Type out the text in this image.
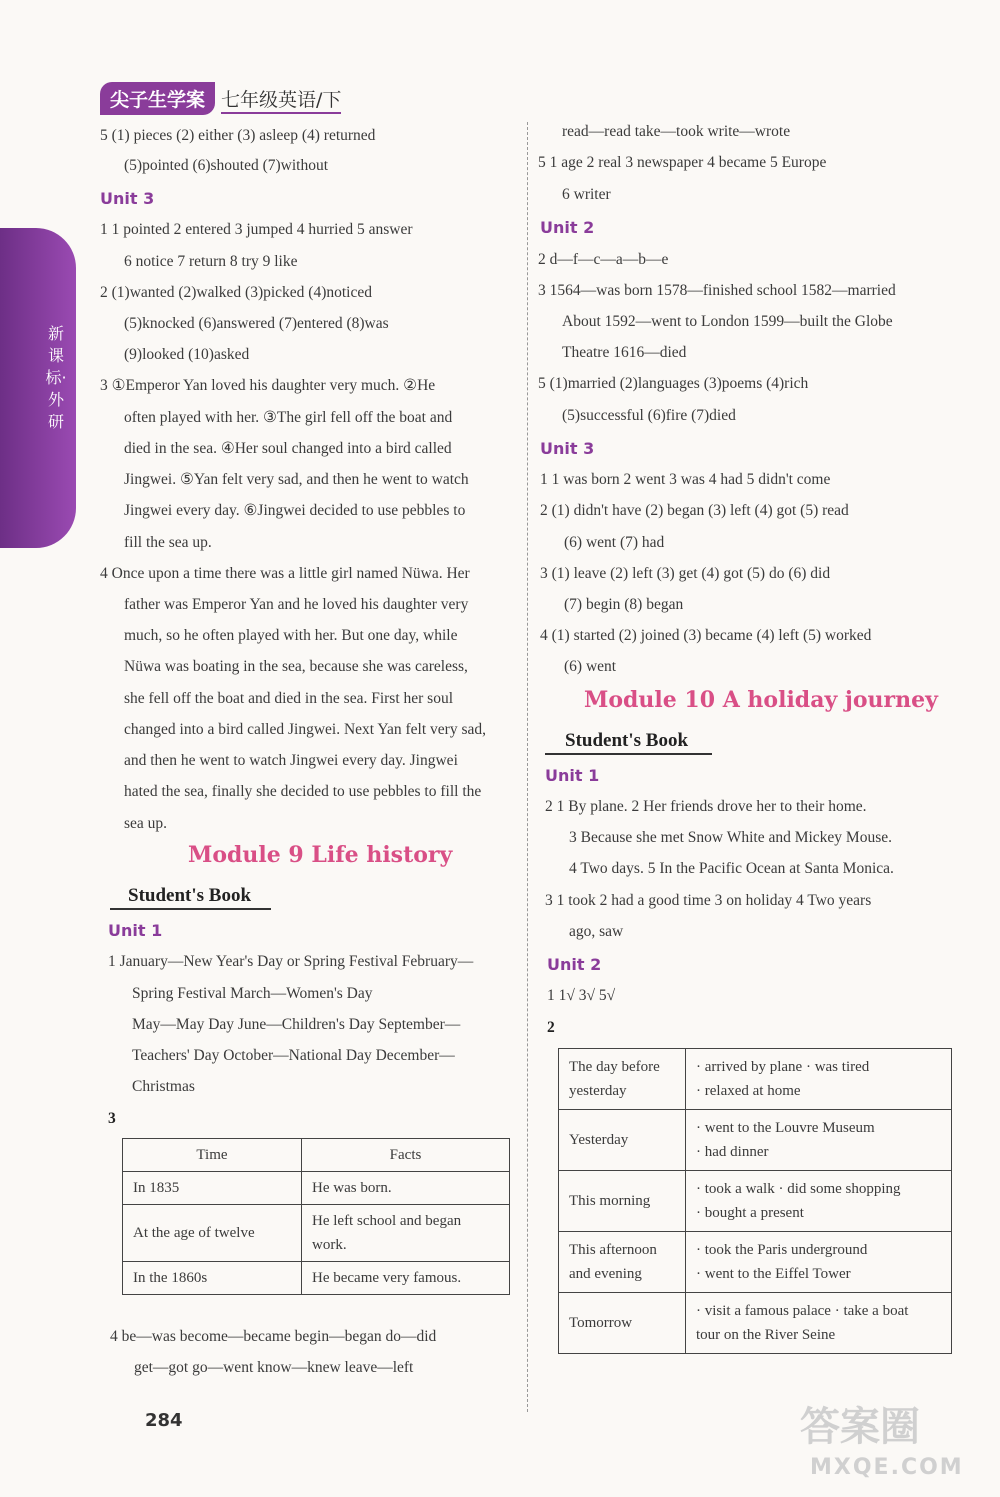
尖子生学案 七年级英语/下
新课标·外研
5 (1) pieces (2) either (3) asleep (4) returned
(5)pointed (6)shouted (7)without
Unit 3
1 1 pointed 2 entered 3 jumped 4 hurried 5 answer
6 notice 7 return 8 try 9 like
2 (1)wanted (2)walked (3)picked (4)noticed
(5)knocked (6)answered (7)entered (8)was
(9)looked (10)asked
3 ①Emperor Yan loved his daughter very much. ②He
often played with her. ③The girl fell off the boat and
died in the sea. ④Her soul changed into a bird called
Jingwei. ⑤Yan felt very sad, and then he went to watch
Jingwei every day. ⑥Jingwei decided to use pebbles to
fill the sea up.
4 Once upon a time there was a little girl named Nüwa. Her
father was Emperor Yan and he loved his daughter very
much, so he often played with her. But one day, while
Nüwa was boating in the sea, because she was careless,
she fell off the boat and died in the sea. First her soul
changed into a bird called Jingwei. Next Yan felt very sad,
and then he went to watch Jingwei every day. Jingwei
hated the sea, finally she decided to use pebbles to fill the
sea up.
Module 9 Life history
Student's Book
Unit 1
1 January—New Year's Day or Spring Festival February—
Spring Festival March—Women's Day
May—May Day June—Children's Day September—
Teachers' Day October—National Day December—
Christmas
3
Time	Facts
In 1835	He was born.
At the age of twelve	He left school and began work.
In the 1860s	He became very famous.
4 be—was become—became begin—began do—did
get—got go—went know—knew leave—left
read—read take—took write—wrote
5 1 age 2 real 3 newspaper 4 became 5 Europe
6 writer
Unit 2
2 d—f—c—a—b—e
3 1564—was born 1578—finished school 1582—married
About 1592—went to London 1599—built the Globe
Theatre 1616—died
5 (1)married (2)languages (3)poems (4)rich
(5)successful (6)fire (7)died
Unit 3
1 1 was born 2 went 3 was 4 had 5 didn't come
2 (1) didn't have (2) began (3) left (4) got (5) read
(6) went (7) had
3 (1) leave (2) left (3) get (4) got (5) do (6) did
(7) begin (8) began
4 (1) started (2) joined (3) became (4) left (5) worked
(6) went
Module 10 A holiday journey
Student's Book
Unit 1
2 1 By plane. 2 Her friends drove her to their home.
3 Because she met Snow White and Mickey Mouse.
4 Two days. 5 In the Pacific Ocean at Santa Monica.
3 1 took 2 had a good time 3 on holiday 4 Two years
ago, saw
Unit 2
1 1√ 3√ 5√
2
The day before yesterday	· arrived by plane · was tired
· relaxed at home

Yesterday	· went to the Louvre Museum
· had dinner

This morning	· took a walk · did some shopping
· bought a present

This afternoon and evening	· took the Paris underground
· went to the Eiffel Tower

Tomorrow	· visit a famous palace · take a boat
tour on the River Seine
284	答案圈
MXQE.COM
